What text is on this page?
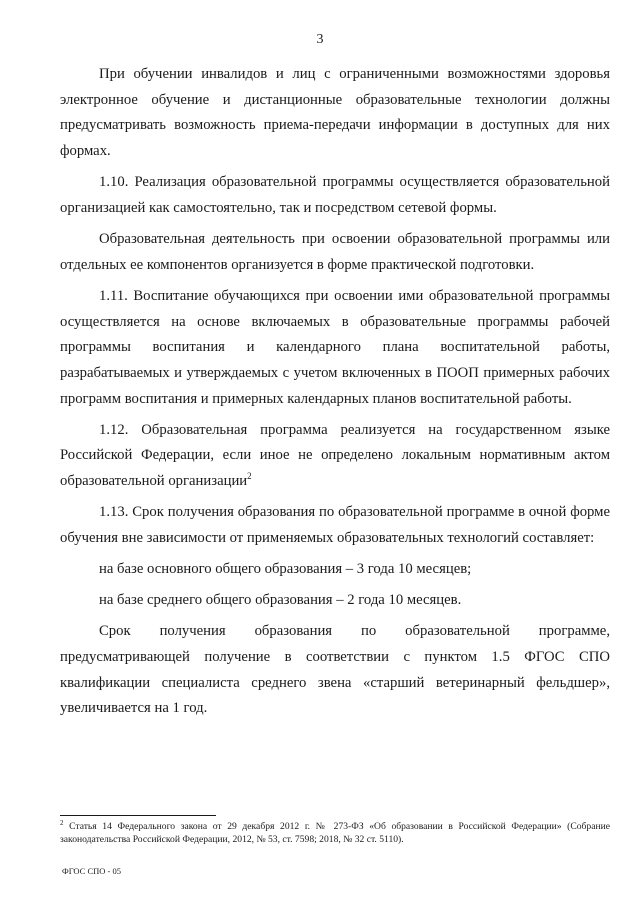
3

При обучении инвалидов и лиц с ограниченными возможностями здоровья электронное обучение и дистанционные образовательные технологии должны предусматривать возможность приема-передачи информации в доступных для них формах.

1.10. Реализация образовательной программы осуществляется образовательной организацией как самостоятельно, так и посредством сетевой формы.

Образовательная деятельность при освоении образовательной программы или отдельных ее компонентов организуется в форме практической подготовки.

1.11. Воспитание обучающихся при освоении ими образовательной программы осуществляется на основе включаемых в образовательные программы рабочей программы воспитания и календарного плана воспитательной работы, разрабатываемых и утверждаемых с учетом включенных в ПООП примерных рабочих программ воспитания и примерных календарных планов воспитательной работы.

1.12. Образовательная программа реализуется на государственном языке Российской Федерации, если иное не определено локальным нормативным актом образовательной организации$^2$

1.13. Срок получения образования по образовательной программе в очной форме обучения вне зависимости от применяемых образовательных технологий составляет:

на базе основного общего образования – 3 года 10 месяцев;

на базе среднего общего образования – 2 года 10 месяцев.

Срок получения образования по образовательной программе, предусматривающей получение в соответствии с пунктом 1.5 ФГОС СПО квалификации специалиста среднего звена «старший ветеринарный фельдшер», увеличивается на 1 год.

$^2$ Статья 14 Федерального закона от 29 декабря 2012 г. № 273-ФЗ «Об образовании в Российской Федерации» (Собрание законодательства Российской Федерации, 2012, № 53, ст. 7598; 2018, № 32 ст. 5110).
ФГОС СПО - 05
